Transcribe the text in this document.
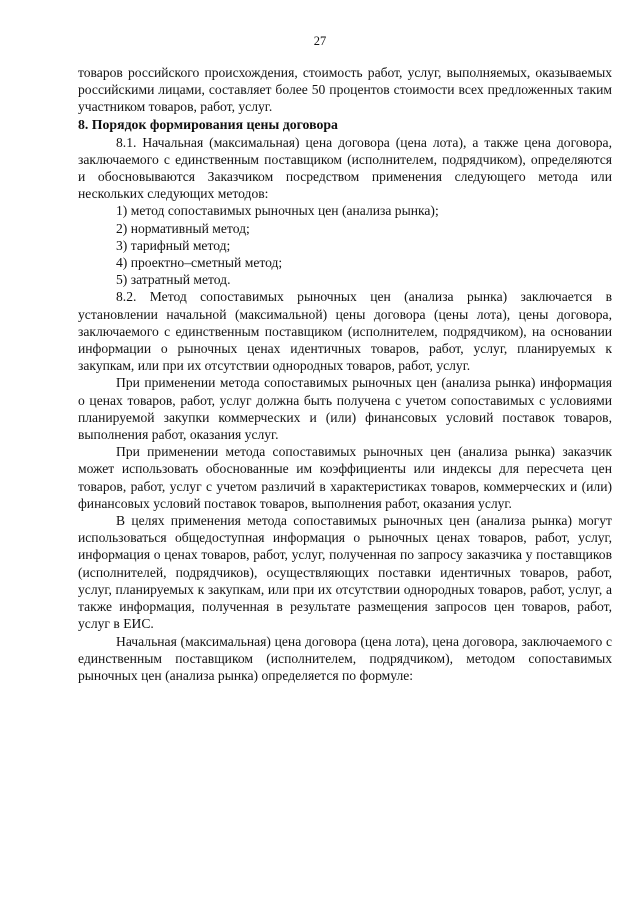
27

товаров российского происхождения, стоимость работ, услуг, выполняемых, оказываемых российскими лицами, составляет более 50 процентов стоимости всех предложенных таким участником товаров, работ, услуг.

8. Порядок формирования цены договора

8.1. Начальная (максимальная) цена договора (цена лота), а также цена договора, заключаемого с единственным поставщиком (исполнителем, подрядчиком), определяются и обосновываются Заказчиком посредством применения следующего метода или нескольких следующих методов:

1) метод сопоставимых рыночных цен (анализа рынка);

2) нормативный метод;

3) тарифный метод;

4) проектно–сметный метод;

5) затратный метод.

8.2. Метод сопоставимых рыночных цен (анализа рынка) заключается в установлении начальной (максимальной) цены договора (цены лота), цены договора, заключаемого с единственным поставщиком (исполнителем, подрядчиком), на основании информации о рыночных ценах идентичных товаров, работ, услуг, планируемых к закупкам, или при их отсутствии однородных товаров, работ, услуг.

При применении метода сопоставимых рыночных цен (анализа рынка) информация о ценах товаров, работ, услуг должна быть получена с учетом сопоставимых с условиями планируемой закупки коммерческих и (или) финансовых условий поставок товаров, выполнения работ, оказания услуг.

При применении метода сопоставимых рыночных цен (анализа рынка) заказчик может использовать обоснованные им коэффициенты или индексы для пересчета цен товаров, работ, услуг с учетом различий в характеристиках товаров, коммерческих и (или) финансовых условий поставок товаров, выполнения работ, оказания услуг.

В целях применения метода сопоставимых рыночных цен (анализа рынка) могут использоваться общедоступная информация о рыночных ценах товаров, работ, услуг, информация о ценах товаров, работ, услуг, полученная по запросу заказчика у поставщиков (исполнителей, подрядчиков), осуществляющих поставки идентичных товаров, работ, услуг, планируемых к закупкам, или при их отсутствии однородных товаров, работ, услуг, а также информация, полученная в результате размещения запросов цен товаров, работ, услуг в ЕИС.

Начальная (максимальная) цена договора (цена лота), цена договора, заключаемого с единственным поставщиком (исполнителем, подрядчиком), методом сопоставимых рыночных цен (анализа рынка) определяется по формуле:
